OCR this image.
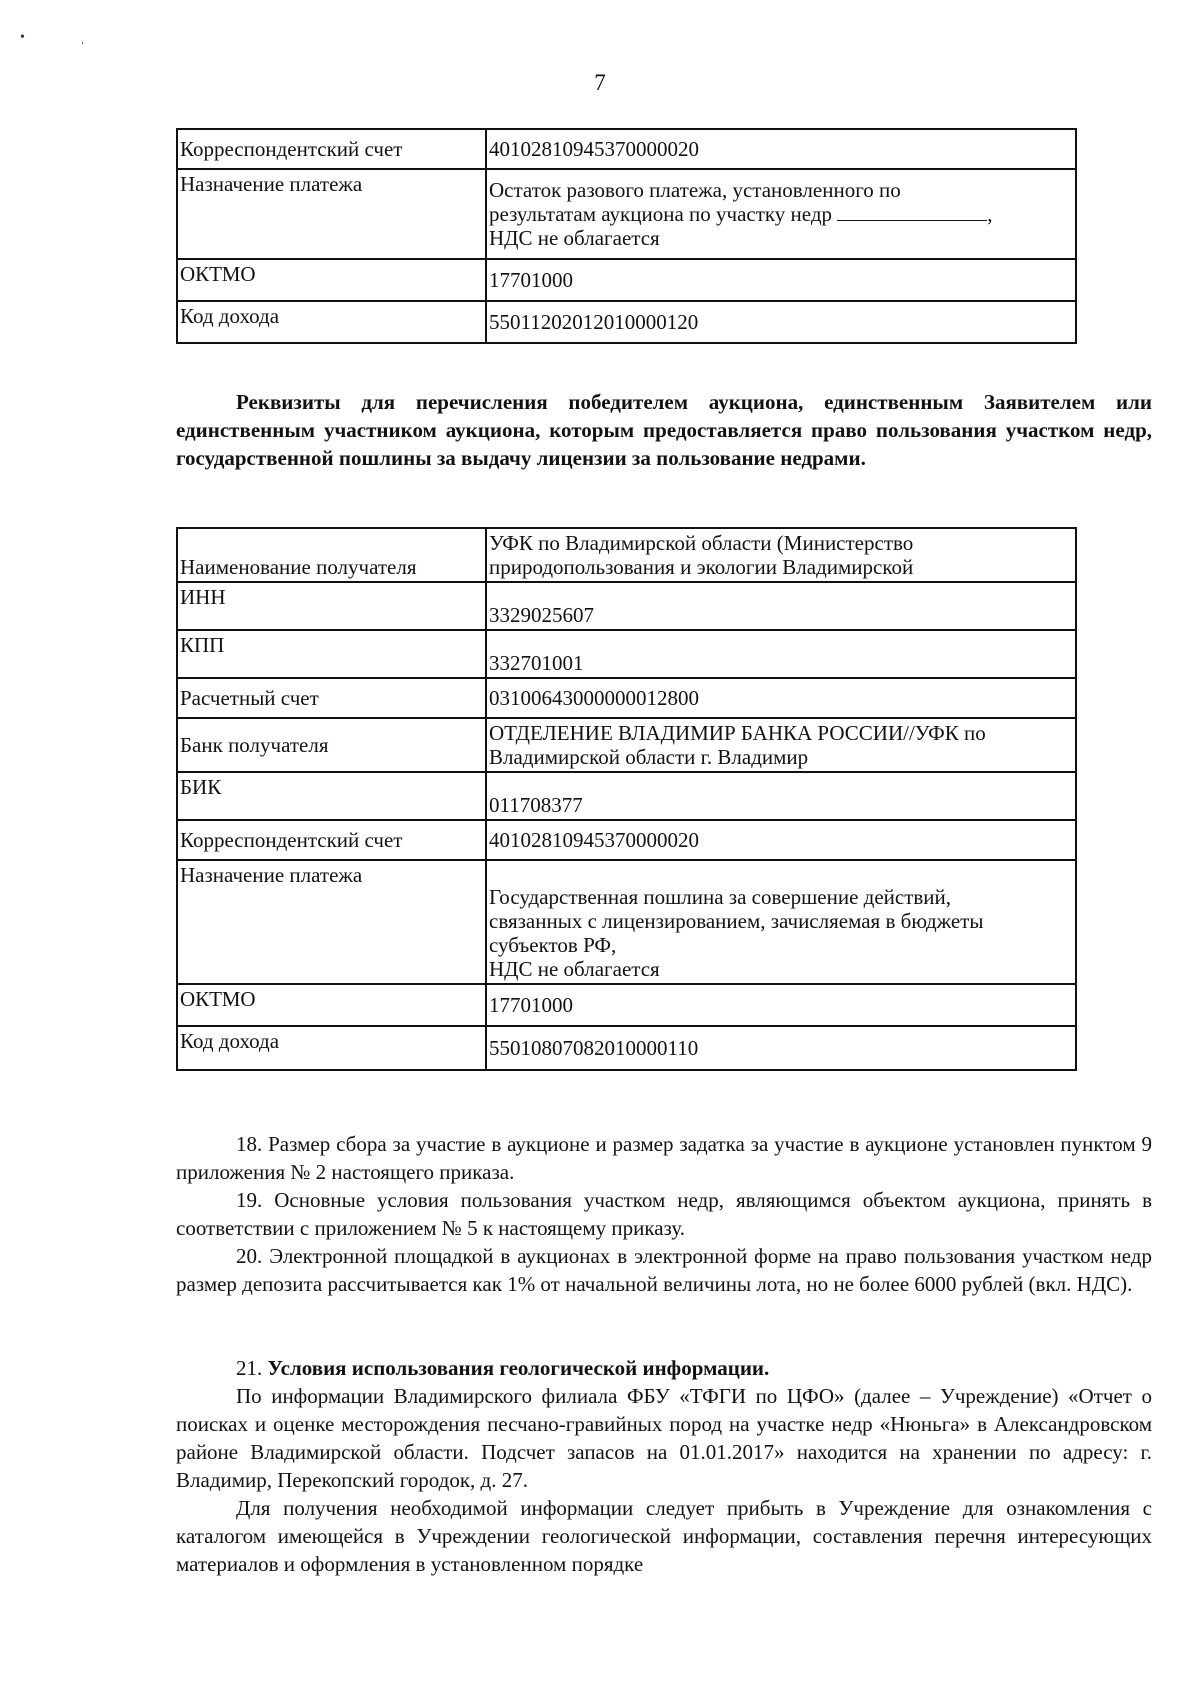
• ˌ
7
Корреспондентский счет	40102810945370000020
Назначение платежа	Остаток разового платежа, установленного по
результатам аукциона по участку недр ,
НДС не облагается

ОКТМО	17701000
Код дохода	55011202012010000120

Реквизиты для перечисления победителем аукциона, единственным Заявителем или единственным участником аукциона, которым предоставляется право пользования участком недр, государственной пошлины за выдачу лицензии за пользование недрами.

Наименование получателя	УФК по Владимирской области (Министерство
природопользования и экологии Владимирской

ИНН	3329025607
КПП	332701001
Расчетный счет	03100643000000012800
Банк получателя	ОТДЕЛЕНИЕ ВЛАДИМИР БАНКА РОССИИ//УФК по
Владимирской области г. Владимир

БИК	011708377
Корреспондентский счет	40102810945370000020
Назначение платежа	Государственная пошлина за совершение действий,
связанных с лицензированием, зачисляемая в бюджеты
субъектов РФ,
НДС не облагается

ОКТМО	17701000
Код дохода	55010807082010000110

18. Размер сбора за участие в аукционе и размер задатка за участие в аукционе установлен пунктом 9 приложения № 2 настоящего приказа.

19. Основные условия пользования участком недр, являющимся объектом аукциона, принять в соответствии с приложением № 5 к настоящему приказу.

20. Электронной площадкой в аукционах в электронной форме на право пользования участком недр размер депозита рассчитывается как 1% от начальной величины лота, но не более 6000 рублей (вкл. НДС).

21. Условия использования геологической информации.

По информации Владимирского филиала ФБУ «ТФГИ по ЦФО» (далее – Учреждение) «Отчет о поисках и оценке месторождения песчано-гравийных пород на участке недр «Нюньга» в Александровском районе Владимирской области. Подсчет запасов на 01.01.2017» находится на хранении по адресу: г. Владимир, Перекопский городок, д. 27.

Для получения необходимой информации следует прибыть в Учреждение для ознакомления с каталогом имеющейся в Учреждении геологической информации, составления перечня интересующих материалов и оформления в установленном порядке
